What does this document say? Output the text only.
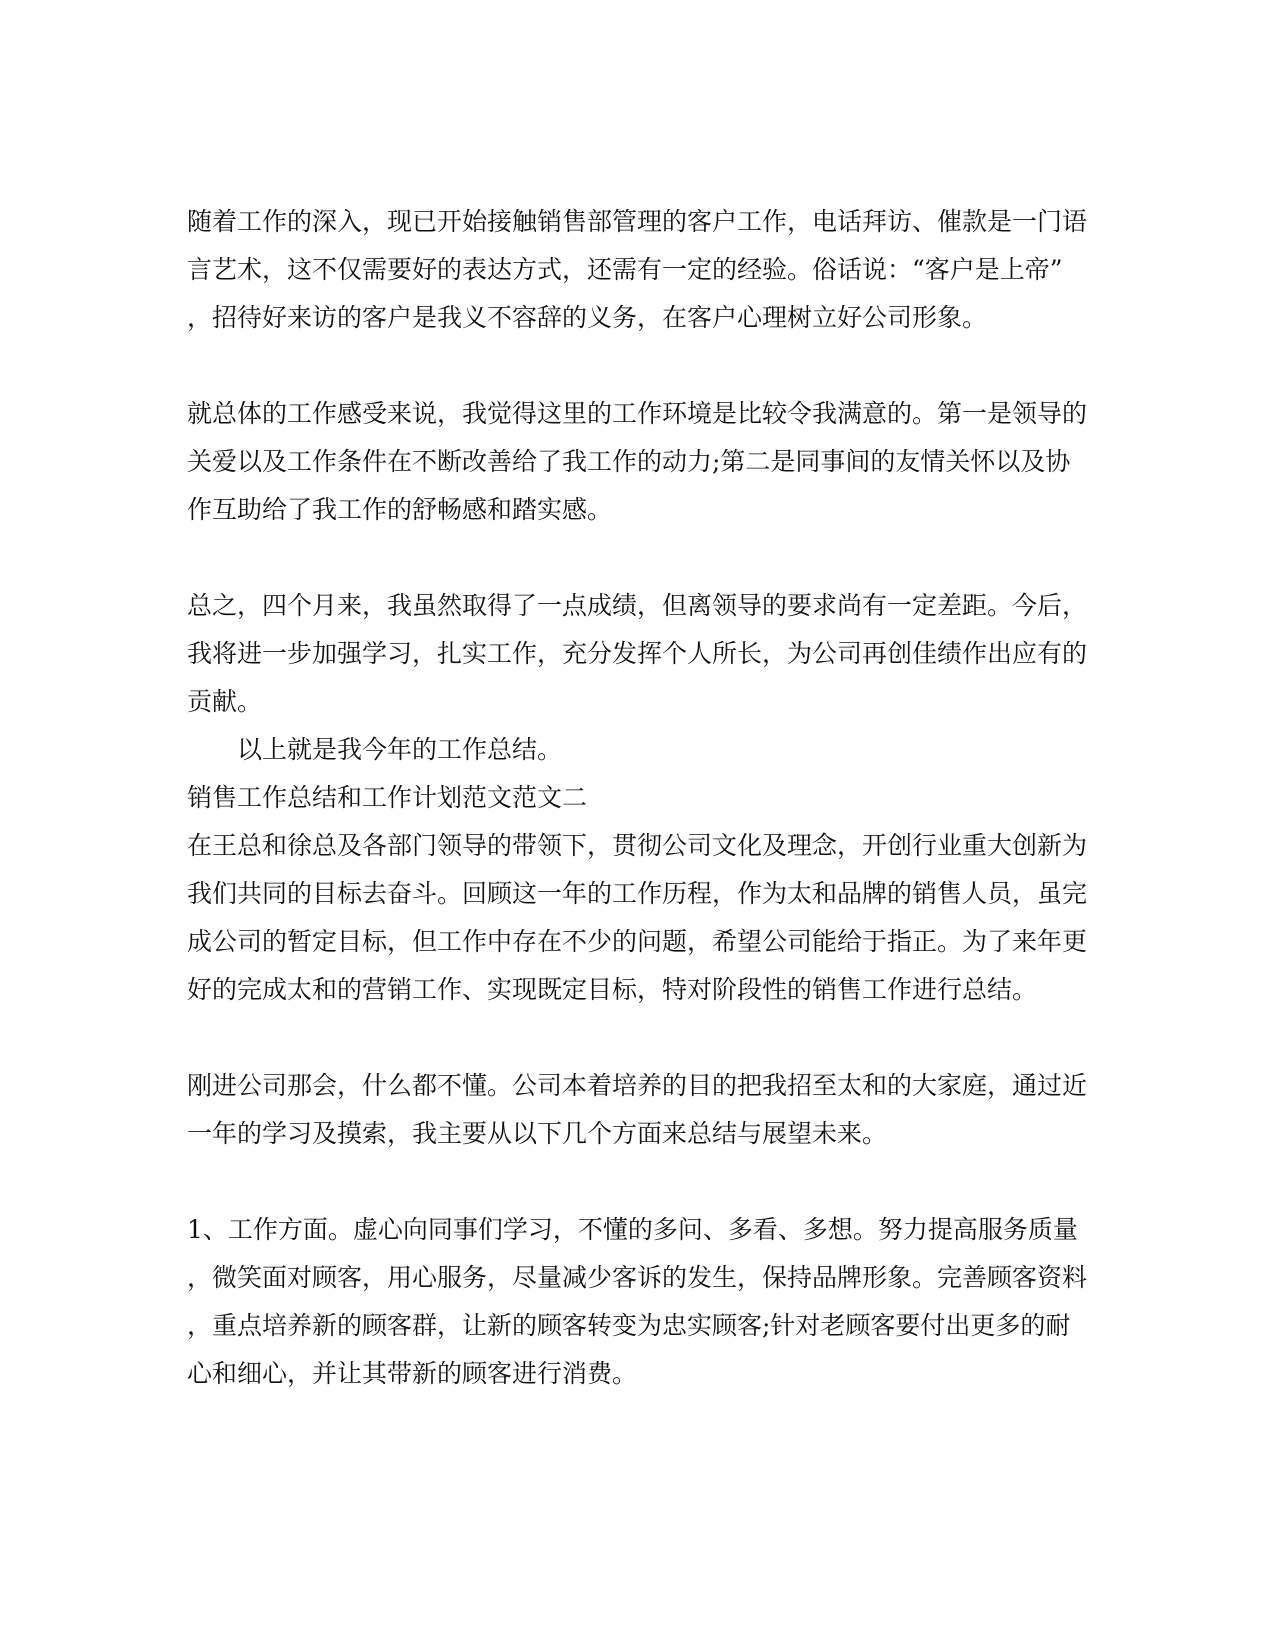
随着工作的深入，现已开始接触销售部管理的客户工作，电话拜访、催款是一门语
言艺术，这不仅需要好的表达方式，还需有一定的经验。俗话说：“客户是上帝”
，招待好来访的客户是我义不容辞的义务，在客户心理树立好公司形象。
就总体的工作感受来说，我觉得这里的工作环境是比较令我满意的。第一是领导的
关爱以及工作条件在不断改善给了我工作的动力;第二是同事间的友情关怀以及协
作互助给了我工作的舒畅感和踏实感。
总之，四个月来，我虽然取得了一点成绩，但离领导的要求尚有一定差距。今后，
我将进一步加强学习，扎实工作，充分发挥个人所长，为公司再创佳绩作出应有的
贡献。
以上就是我今年的工作总结。
销售工作总结和工作计划范文范文二
在王总和徐总及各部门领导的带领下，贯彻公司文化及理念，开创行业重大创新为
我们共同的目标去奋斗。回顾这一年的工作历程，作为太和品牌的销售人员，虽完
成公司的暂定目标，但工作中存在不少的问题，希望公司能给于指正。为了来年更
好的完成太和的营销工作、实现既定目标，特对阶段性的销售工作进行总结。
刚进公司那会，什么都不懂。公司本着培养的目的把我招至太和的大家庭，通过近
一年的学习及摸索，我主要从以下几个方面来总结与展望未来。
1、工作方面。虚心向同事们学习，不懂的多问、多看、多想。努力提高服务质量
，微笑面对顾客，用心服务，尽量减少客诉的发生，保持品牌形象。完善顾客资料
，重点培养新的顾客群，让新的顾客转变为忠实顾客;针对老顾客要付出更多的耐
心和细心，并让其带新的顾客进行消费。
